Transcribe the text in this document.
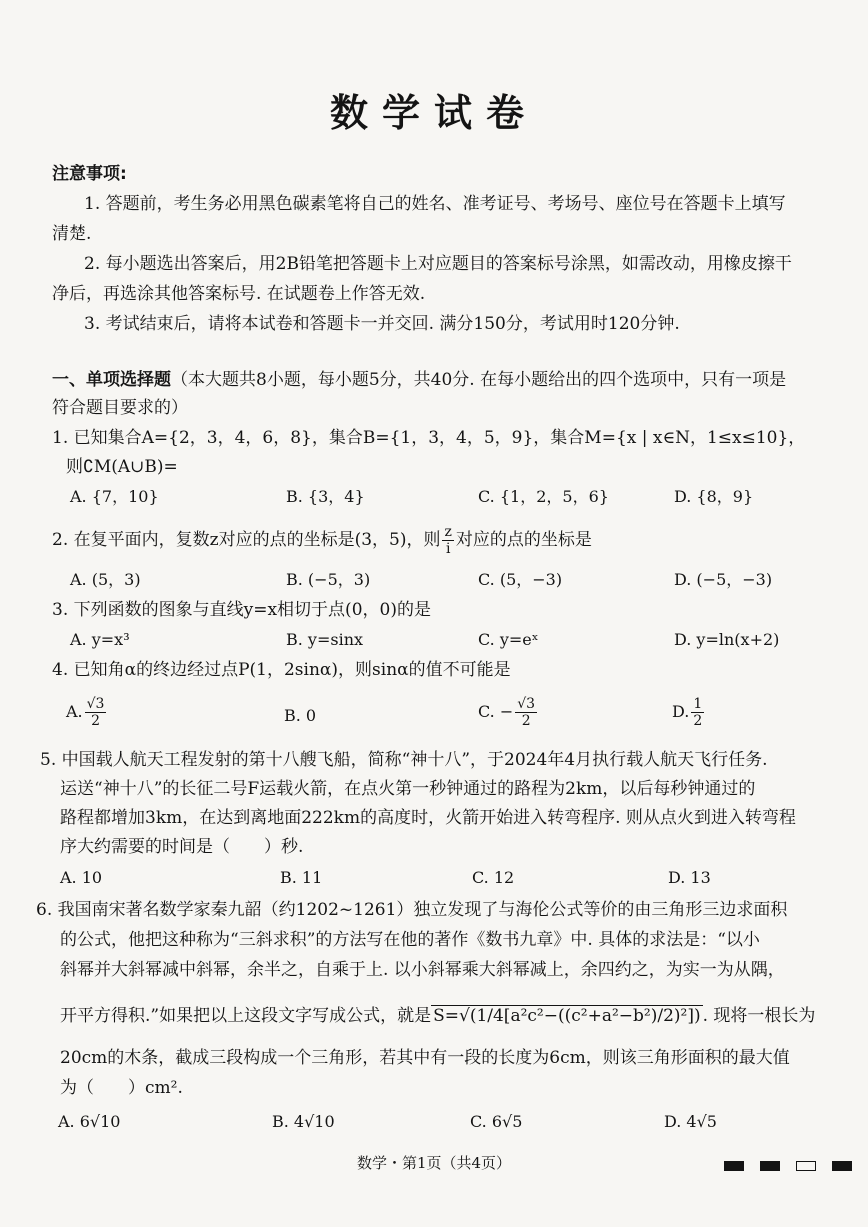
数学试卷
注意事项:
1. 答题前，考生务必用黑色碳素笔将自己的姓名、准考证号、考场号、座位号在答题卡上填写
清楚.
2. 每小题选出答案后，用2B铅笔把答题卡上对应题目的答案标号涂黑，如需改动，用橡皮擦干
净后，再选涂其他答案标号. 在试题卷上作答无效.
3. 考试结束后，请将本试卷和答题卡一并交回. 满分150分，考试用时120分钟.
一、单项选择题（本大题共8小题，每小题5分，共40分. 在每小题给出的四个选项中，只有一项是
符合题目要求的）
1. 已知集合A={2，3，4，6，8}，集合B={1，3，4，5，9}，集合M={x | x∈N，1≤x≤10}，
则∁M(A∪B)=
A. {7，10}	B. {3，4}	C. {1，2，5，6}	D. {8，9}
2. 在复平面内，复数z对应的点的坐标是(3，5)，则 $\frac{z}{i}$ 对应的点的坐标是
A. (5，3)	B. (−5，3)	C. (5，−3)	D. (−5，−3)
3. 下列函数的图象与直线y=x相切于点(0，0)的是
A. y=x³	B. y=sinx	C. y=eˣ	D. y=ln(x+2)
4. 已知角α的终边经过点P(1，2sinα)，则sinα的值不可能是
A. $\frac{√3}{2}$	B. 0	C. − $\frac{√3}{2}$	D. $\frac{1}{2}$
5. 中国载人航天工程发射的第十八艘飞船，简称“神十八”，于2024年4月执行载人航天飞行任务.
运送“神十八”的长征二号F运载火箭，在点火第一秒钟通过的路程为2km，以后每秒钟通过的
路程都增加3km，在达到离地面222km的高度时，火箭开始进入转弯程序. 则从点火到进入转弯程
序大约需要的时间是（　　）秒.
A. 10	B. 11	C. 12	D. 13
6. 我国南宋著名数学家秦九韶（约1202~1261）独立发现了与海伦公式等价的由三角形三边求面积
的公式，他把这种称为“三斜求积”的方法写在他的著作《数书九章》中. 具体的求法是：“以小
斜幂并大斜幂减中斜幂，余半之，自乘于上. 以小斜幂乘大斜幂减上，余四约之，为实一为从隅，
开平方得积.”如果把以上这段文字写成公式，就是 S=√(1/4[a²c²−((c²+a²−b²)/2)²]) . 现将一根长为
20cm的木条，截成三段构成一个三角形，若其中有一段的长度为6cm，则该三角形面积的最大值
为（　　）cm².
A. 6√10	B. 4√10	C. 6√5	D. 4√5
数学・第1页（共4页）
